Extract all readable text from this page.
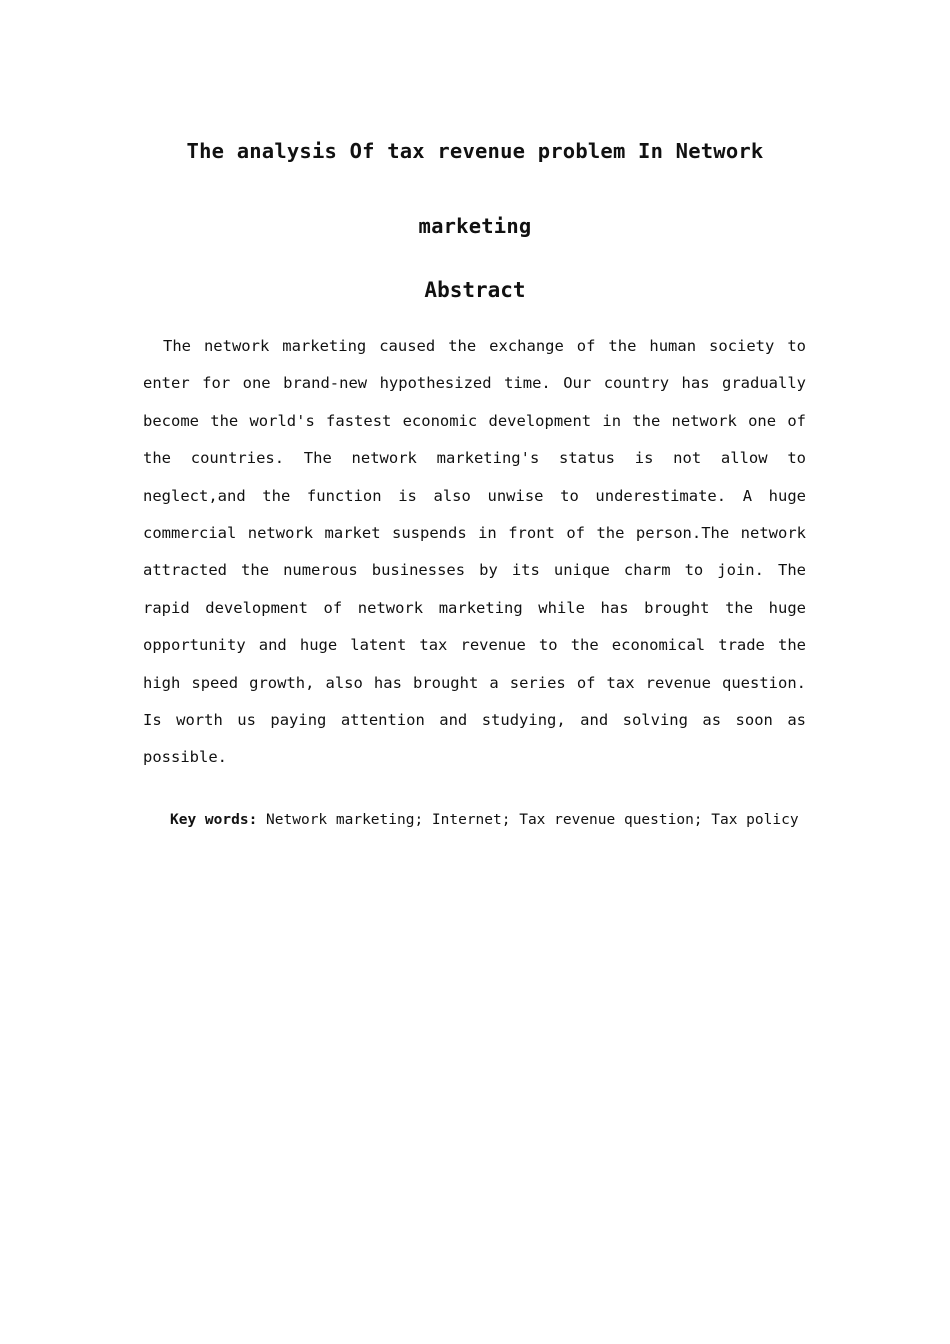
The analysis Of tax revenue problem In Network
marketing
Abstract
The network marketing caused the exchange of the human society to
enter for one brand-new hypothesized time. Our country has gradually
become the world's fastest economic development in the network one of
the countries. The network marketing's status is not allow to
neglect,and the function is also unwise to underestimate. A huge
commercial network market suspends in front of the person.The network
attracted the numerous businesses by its unique charm to join. The
rapid development of network marketing while has brought the huge
opportunity and huge latent tax revenue to the economical trade the
high speed growth, also has brought a series of tax revenue question.
Is worth us paying attention and studying, and solving as soon as
possible.

Key words: Network marketing; Internet; Tax revenue question; Tax policy
